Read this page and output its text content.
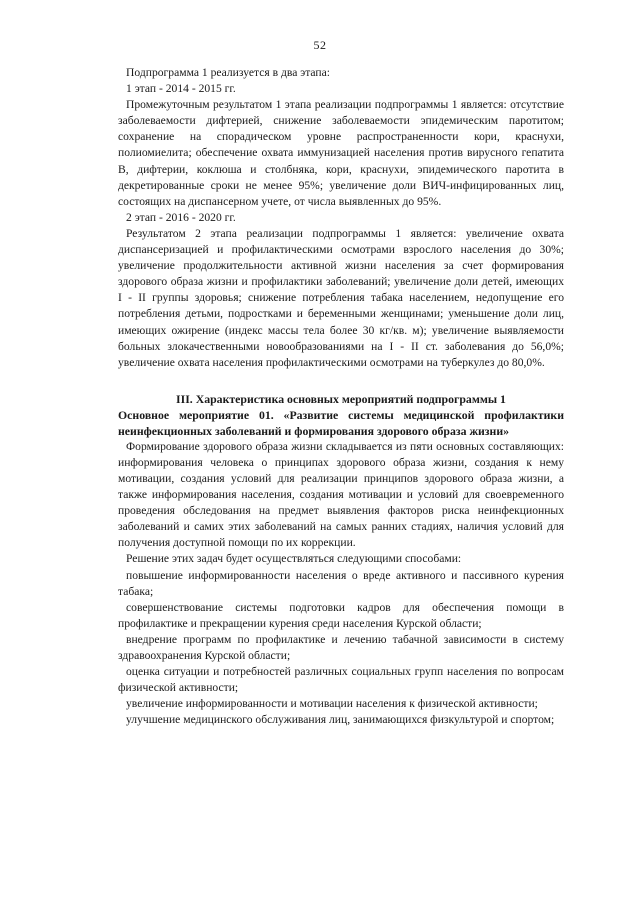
52

Подпрограмма 1 реализуется в два этапа:

1 этап - 2014 - 2015 гг.

Промежуточным результатом 1 этапа реализации подпрограммы 1 является: отсутствие заболеваемости дифтерией, снижение заболеваемости эпидемическим паротитом; сохранение на спорадическом уровне распространенности кори, краснухи, полиомиелита; обеспечение охвата иммунизацией населения против вирусного гепатита В, дифтерии, коклюша и столбняка, кори, краснухи, эпидемического паротита в декретированные сроки не менее 95%; увеличение доли ВИЧ-инфицированных лиц, состоящих на диспансерном учете, от числа выявленных до 95%.

2 этап - 2016 - 2020 гг.

Результатом 2 этапа реализации подпрограммы 1 является: увеличение охвата диспансеризацией и профилактическими осмотрами взрослого населения до 30%; увеличение продолжительности активной жизни населения за счет формирования здорового образа жизни и профилактики заболеваний; увеличение доли детей, имеющих I - II группы здоровья; снижение потребления табака населением, недопущение его потребления детьми, подростками и беременными женщинами; уменьшение доли лиц, имеющих ожирение (индекс массы тела более 30 кг/кв. м); увеличение выявляемости больных злокачественными новообразованиями на I - II ст. заболевания до 56,0%; увеличение охвата населения профилактическими осмотрами на туберкулез до 80,0%.

III. Характеристика основных мероприятий подпрограммы 1
Основное мероприятие 01. «Развитие системы медицинской профилактики неинфекционных заболеваний и формирования здорового образа жизни»

Формирование здорового образа жизни складывается из пяти основных составляющих: информирования человека о принципах здорового образа жизни, создания к нему мотивации, создания условий для реализации принципов здорового образа жизни, а также информирования населения, создания мотивации и условий для своевременного проведения обследования на предмет выявления факторов риска неинфекционных заболеваний и самих этих заболеваний на самых ранних стадиях, наличия условий для получения доступной помощи по их коррекции.

Решение этих задач будет осуществляться следующими способами:

повышение информированности населения о вреде активного и пассивного курения табака;

совершенствование системы подготовки кадров для обеспечения помощи в профилактике и прекращении курения среди населения Курской области;

внедрение программ по профилактике и лечению табачной зависимости в систему здравоохранения Курской области;

оценка ситуации и потребностей различных социальных групп населения по вопросам физической активности;

увеличение информированности и мотивации населения к физической активности;

улучшение медицинского обслуживания лиц, занимающихся физкультурой и спортом;
